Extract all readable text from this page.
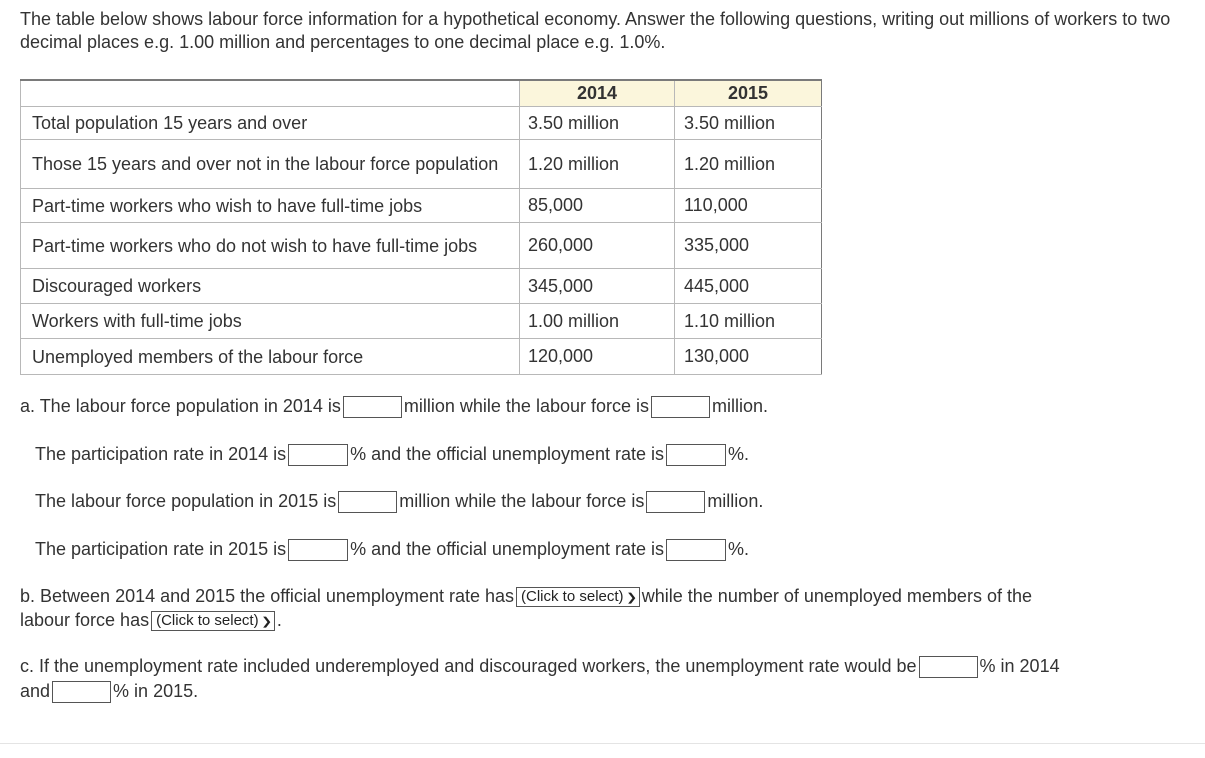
The table below shows labour force information for a hypothetical economy. Answer the following questions, writing out millions of workers to two decimal places e.g. 1.00 million and percentages to one decimal place e.g. 1.0%.
	2014	2015
Total population 15 years and over	3.50 million	3.50 million
Those 15 years and over not in the labour force population	1.20 million	1.20 million
Part-time workers who wish to have full-time jobs	85,000	110,000
Part-time workers who do not wish to have full-time jobs	260,000	335,000
Discouraged workers	345,000	445,000
Workers with full-time jobs	1.00 million	1.10 million
Unemployed members of the labour force	120,000	130,000
a. The labour force population in 2014 is	million while the labour force is	million.
The participation rate in 2014 is	% and the official unemployment rate is	%.
The labour force population in 2015 is	million while the labour force is	million.
The participation rate in 2015 is	% and the official unemployment rate is	%.
b. Between 2014 and 2015 the official unemployment rate has (Click to select) ❯ while the number of unemployed members of the
labour force has (Click to select) ❯ .
c. If the unemployment rate included underemployed and discouraged workers, the unemployment rate would be	% in 2014
and	% in 2015.
